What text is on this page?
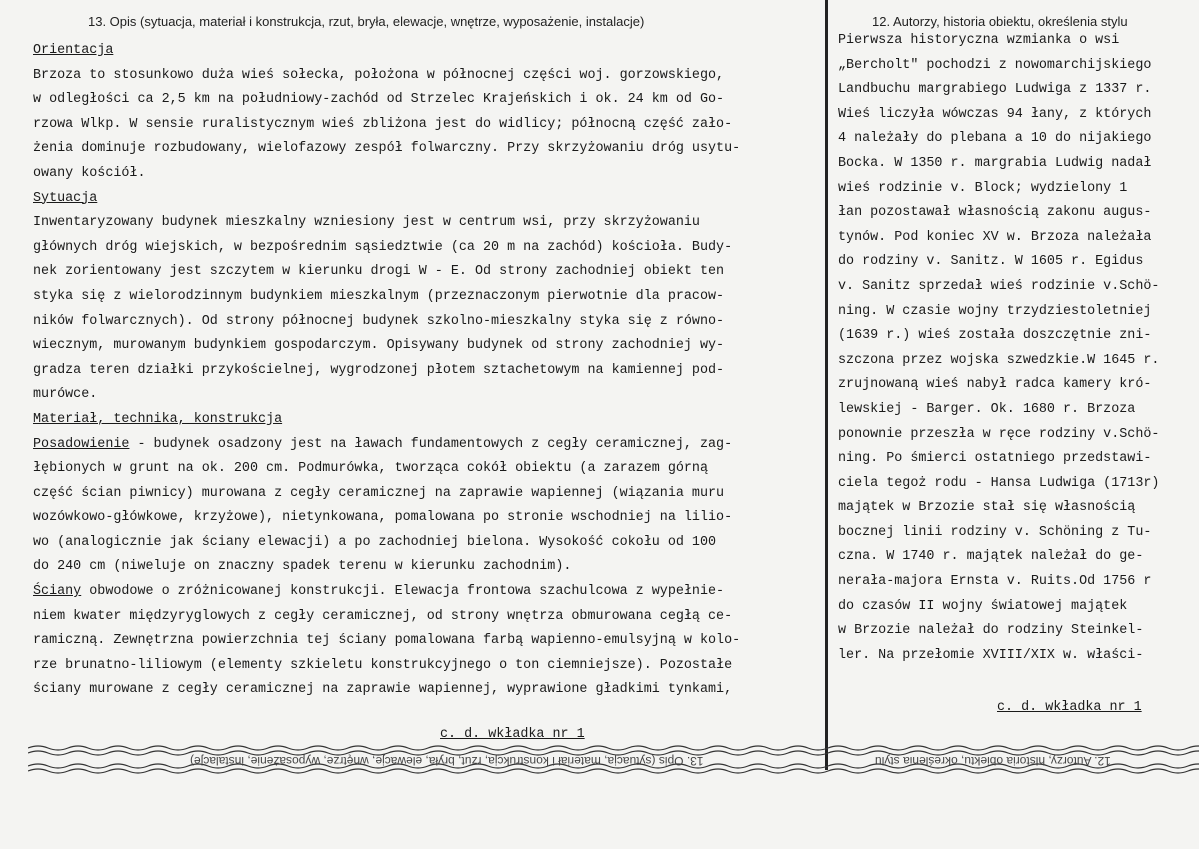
13. Opis (sytuacja, materiał i konstrukcja, rzut, bryła, elewacje, wnętrze, wyposażenie, instalacje)	12. Autorzy, historia obiektu, określenia stylu
Orientacja
Brzoza to stosunkowo duża wieś sołecka, położona w północnej części woj. gorzowskiego,
w odległości ca 2,5 km na południowy-zachód od Strzelec Krajeńskich i ok. 24 km od Go-
rzowa Wlkp. W sensie ruralistycznym wieś zbliżona jest do widlicy; północną część zało-
żenia dominuje rozbudowany, wielofazowy zespół folwarczny. Przy skrzyżowaniu dróg usytu-
owany kościół.
Sytuacja
Inwentaryzowany budynek mieszkalny wzniesiony jest w centrum wsi, przy skrzyżowaniu
głównych dróg wiejskich, w bezpośrednim sąsiedztwie (ca 20 m na zachód) kościoła. Budy-
nek zorientowany jest szczytem w kierunku drogi W - E. Od strony zachodniej obiekt ten
styka się z wielorodzinnym budynkiem mieszkalnym (przeznaczonym pierwotnie dla pracow-
ników folwarcznych). Od strony północnej budynek szkolno-mieszkalny styka się z równo-
wiecznym, murowanym budynkiem gospodarczym. Opisywany budynek od strony zachodniej wy-
gradza teren działki przykościelnej, wygrodzonej płotem sztachetowym na kamiennej pod-
murówce.
Materiał, technika, konstrukcja
Posadowienie - budynek osadzony jest na ławach fundamentowych z cegły ceramicznej, zag-
łębionych w grunt na ok. 200 cm. Podmurówka, tworząca cokół obiektu (a zarazem górną
część ścian piwnicy) murowana z cegły ceramicznej na zaprawie wapiennej (wiązania muru
wozówkowo-główkowe, krzyżowe), nietynkowana, pomalowana po stronie wschodniej na lilio-
wo (analogicznie jak ściany elewacji) a po zachodniej bielona. Wysokość cokołu od 100
do 240 cm (niweluje on znaczny spadek terenu w kierunku zachodnim).
Ściany obwodowe o zróżnicowanej konstrukcji. Elewacja frontowa szachulcowa z wypełnie-
niem kwater międzyryglowych z cegły ceramicznej, od strony wnętrza obmurowana cegłą ce-
ramiczną. Zewnętrzna powierzchnia tej ściany pomalowana farbą wapienno-emulsyjną w kolo-
rze brunatno-liliowym (elementy szkieletu konstrukcyjnego o ton ciemniejsze). Pozostałe
ściany murowane z cegły ceramicznej na zaprawie wapiennej, wyprawione gładkimi tynkami,
c. d. wkładka nr 1
Pierwsza historyczna wzmianka o wsi
„Bercholt" pochodzi z nowomarchijskiego
Landbuchu margrabiego Ludwiga z 1337 r.
Wieś liczyła wówczas 94 łany, z których
4 należały do plebana a 10 do nijakiego
Bocka. W 1350 r. margrabia Ludwig nadał
wieś rodzinie v. Block; wydzielony 1
łan pozostawał własnością zakonu augus-
tynów. Pod koniec XV w. Brzoza należała
do rodziny v. Sanitz. W 1605 r. Egidus
v. Sanitz sprzedał wieś rodzinie v.Schö-
ning. W czasie wojny trzydziestoletniej
(1639 r.) wieś została doszczętnie zni-
szczona przez wojska szwedzkie.W 1645 r.
zrujnowaną wieś nabył radca kamery kró-
lewskiej - Barger. Ok. 1680 r. Brzoza
ponownie przeszła w ręce rodziny v.Schö-
ning. Po śmierci ostatniego przedstawi-
ciela tegoż rodu - Hansa Ludwiga (1713r)
majątek w Brzozie stał się własnością
bocznej linii rodziny v. Schöning z Tu-
czna. W 1740 r. majątek należał do ge-
nerała-majora Ernsta v. Ruits.Od 1756 r
do czasów II wojny światowej majątek
w Brzozie należał do rodziny Steinkel-
ler. Na przełomie XVIII/XIX w. właści-
c. d. wkładka nr 1
13. Opis (sytuacja, materiał i konstrukcja, rzut, bryła, elewacje, wnętrze, wyposażenie, instalacje)	12. Autorzy, historia obiektu, określenia stylu
